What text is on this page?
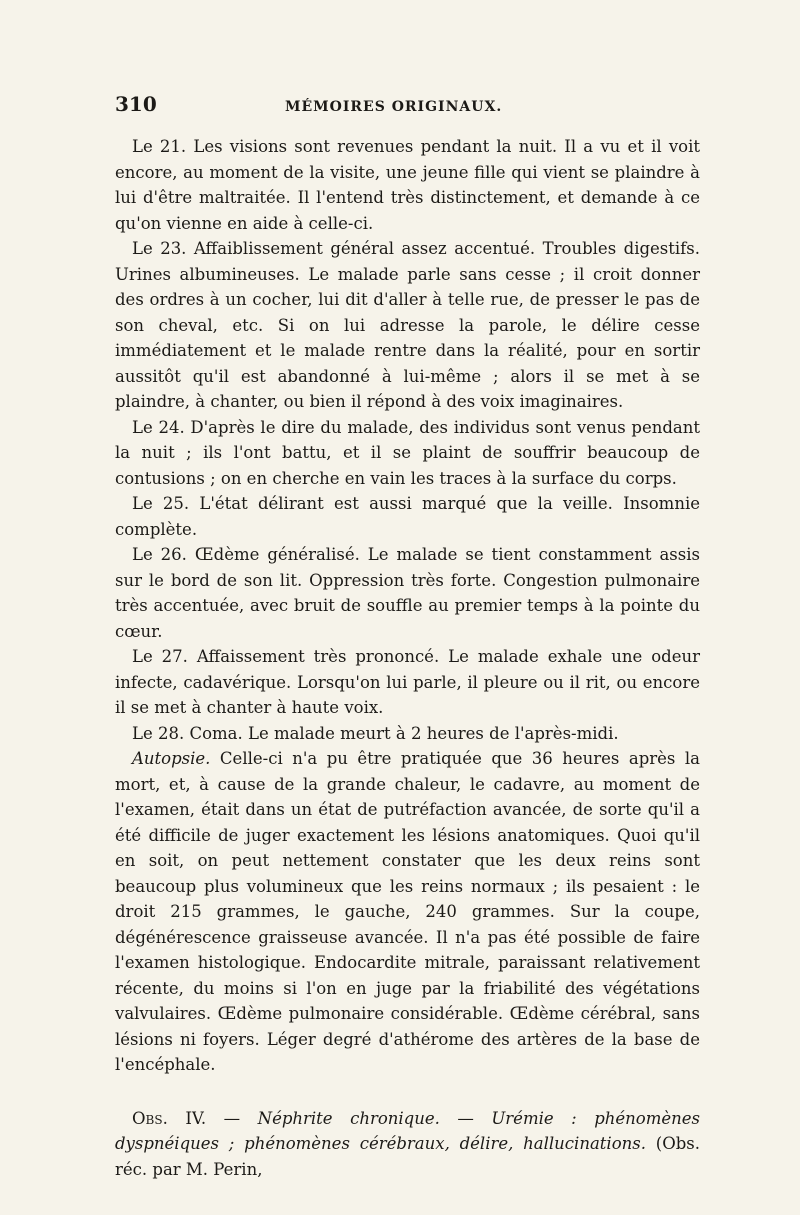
310	MÉMOIRES ORIGINAUX.

Le 21. Les visions sont revenues pendant la nuit. Il a vu et il voit encore, au moment de la visite, une jeune fille qui vient se plaindre à lui d'être maltraitée. Il l'entend très distinctement, et demande à ce qu'on vienne en aide à celle-ci.

Le 23. Affaiblissement général assez accentué. Troubles digestifs. Urines albumineuses. Le malade parle sans cesse ; il croit donner des ordres à un cocher, lui dit d'aller à telle rue, de presser le pas de son cheval, etc. Si on lui adresse la parole, le délire cesse immédiatement et le malade rentre dans la réalité, pour en sortir aussitôt qu'il est abandonné à lui-même ; alors il se met à se plaindre, à chanter, ou bien il répond à des voix imaginaires.

Le 24. D'après le dire du malade, des individus sont venus pendant la nuit ; ils l'ont battu, et il se plaint de souffrir beaucoup de contusions ; on en cherche en vain les traces à la surface du corps.

Le 25. L'état délirant est aussi marqué que la veille. Insomnie complète.

Le 26. Œdème généralisé. Le malade se tient constamment assis sur le bord de son lit. Oppression très forte. Congestion pulmonaire très accentuée, avec bruit de souffle au premier temps à la pointe du cœur.

Le 27. Affaissement très prononcé. Le malade exhale une odeur infecte, cadavérique. Lorsqu'on lui parle, il pleure ou il rit, ou encore il se met à chanter à haute voix.

Le 28. Coma. Le malade meurt à 2 heures de l'après-midi.

Autopsie. Celle-ci n'a pu être pratiquée que 36 heures après la mort, et, à cause de la grande chaleur, le cadavre, au moment de l'examen, était dans un état de putréfaction avancée, de sorte qu'il a été difficile de juger exactement les lésions anatomiques. Quoi qu'il en soit, on peut nettement constater que les deux reins sont beaucoup plus volumineux que les reins normaux ; ils pesaient : le droit 215 grammes, le gauche, 240 grammes. Sur la coupe, dégénérescence graisseuse avancée. Il n'a pas été possible de faire l'examen histologique. Endocardite mitrale, paraissant relativement récente, du moins si l'on en juge par la friabilité des végétations valvulaires. Œdème pulmonaire considérable. Œdème cérébral, sans lésions ni foyers. Léger degré d'athérome des artères de la base de l'encéphale.

Obs. IV. — Néphrite chronique. — Urémie : phénomènes dyspnéiques ; phénomènes cérébraux, délire, hallucinations. (Obs. réc. par M. Perin,
